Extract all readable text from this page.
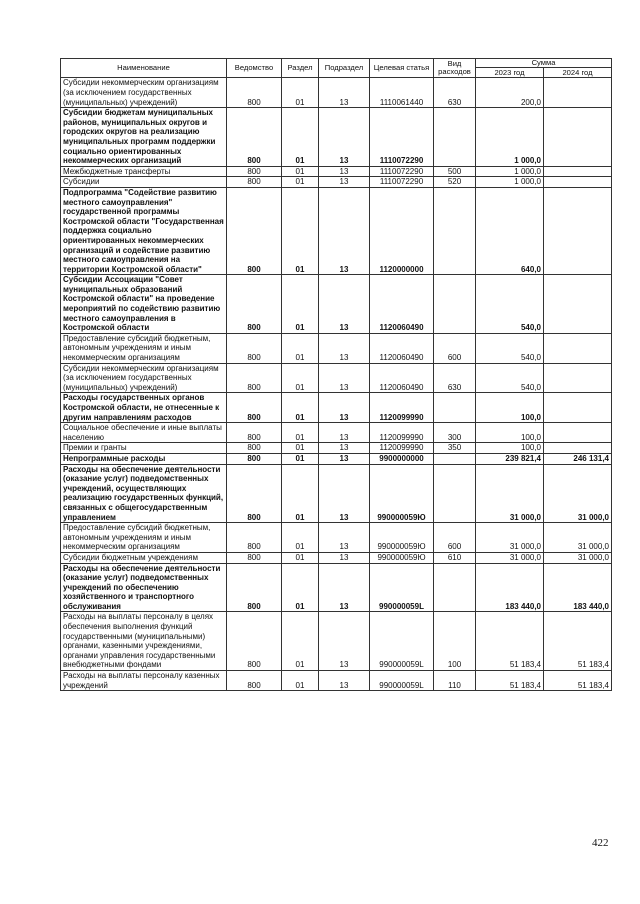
Наименование	Ведомство	Раздел	Подраздел	Целевая статья	Вид расходов	Сумма	
						2023 год	2024 год
Субсидии некоммерческим организациям (за исключением государственных (муниципальных) учреждений)	800	01	13	1110061440	630	200,0	
Субсидии бюджетам муниципальных районов, муниципальных округов и городских округов на реализацию муниципальных программ поддержки социально ориентированных некоммерческих организаций	800	01	13	1110072290		1 000,0	
Межбюджетные трансферты	800	01	13	1110072290	500	1 000,0	
Субсидии	800	01	13	1110072290	520	1 000,0	
Подпрограмма "Содействие развитию местного самоуправления" государственной программы Костромской области "Государственная поддержка социально ориентированных некоммерческих организаций и содействие развитию местного самоуправления на территории Костромской области"	800	01	13	1120000000		640,0	
Субсидии Ассоциации "Совет муниципальных образований Костромской области" на проведение мероприятий по содействию развитию местного самоуправления в Костромской области	800	01	13	1120060490		540,0	
Предоставление субсидий бюджетным, автономным учреждениям и иным некоммерческим организациям	800	01	13	1120060490	600	540,0	
Субсидии некоммерческим организациям (за исключением государственных (муниципальных) учреждений)	800	01	13	1120060490	630	540,0	
Расходы государственных органов Костромской области, не отнесенные к другим направлениям расходов	800	01	13	1120099990		100,0	
Социальное обеспечение и иные выплаты населению	800	01	13	1120099990	300	100,0	
Премии и гранты	800	01	13	1120099990	350	100,0	
Непрограммные расходы	800	01	13	9900000000		239 821,4	246 131,4
Расходы на обеспечение деятельности (оказание услуг) подведомственных учреждений, осуществляющих реализацию государственных функций, связанных с общегосударственным управлением	800	01	13	990000059Ю		31 000,0	31 000,0
Предоставление субсидий бюджетным, автономным учреждениям и иным некоммерческим организациям	800	01	13	990000059Ю	600	31 000,0	31 000,0
Субсидии бюджетным учреждениям	800	01	13	990000059Ю	610	31 000,0	31 000,0
Расходы на обеспечение деятельности (оказание услуг) подведомственных учреждений по обеспечению хозяйственного и транспортного обслуживания	800	01	13	990000059L		183 440,0	183 440,0
Расходы на выплаты персоналу в целях обеспечения выполнения функций государственными (муниципальными) органами, казенными учреждениями, органами управления государственными внебюджетными фондами	800	01	13	990000059L	100	51 183,4	51 183,4
Расходы на выплаты персоналу казенных учреждений	800	01	13	990000059L	110	51 183,4	51 183,4
422
